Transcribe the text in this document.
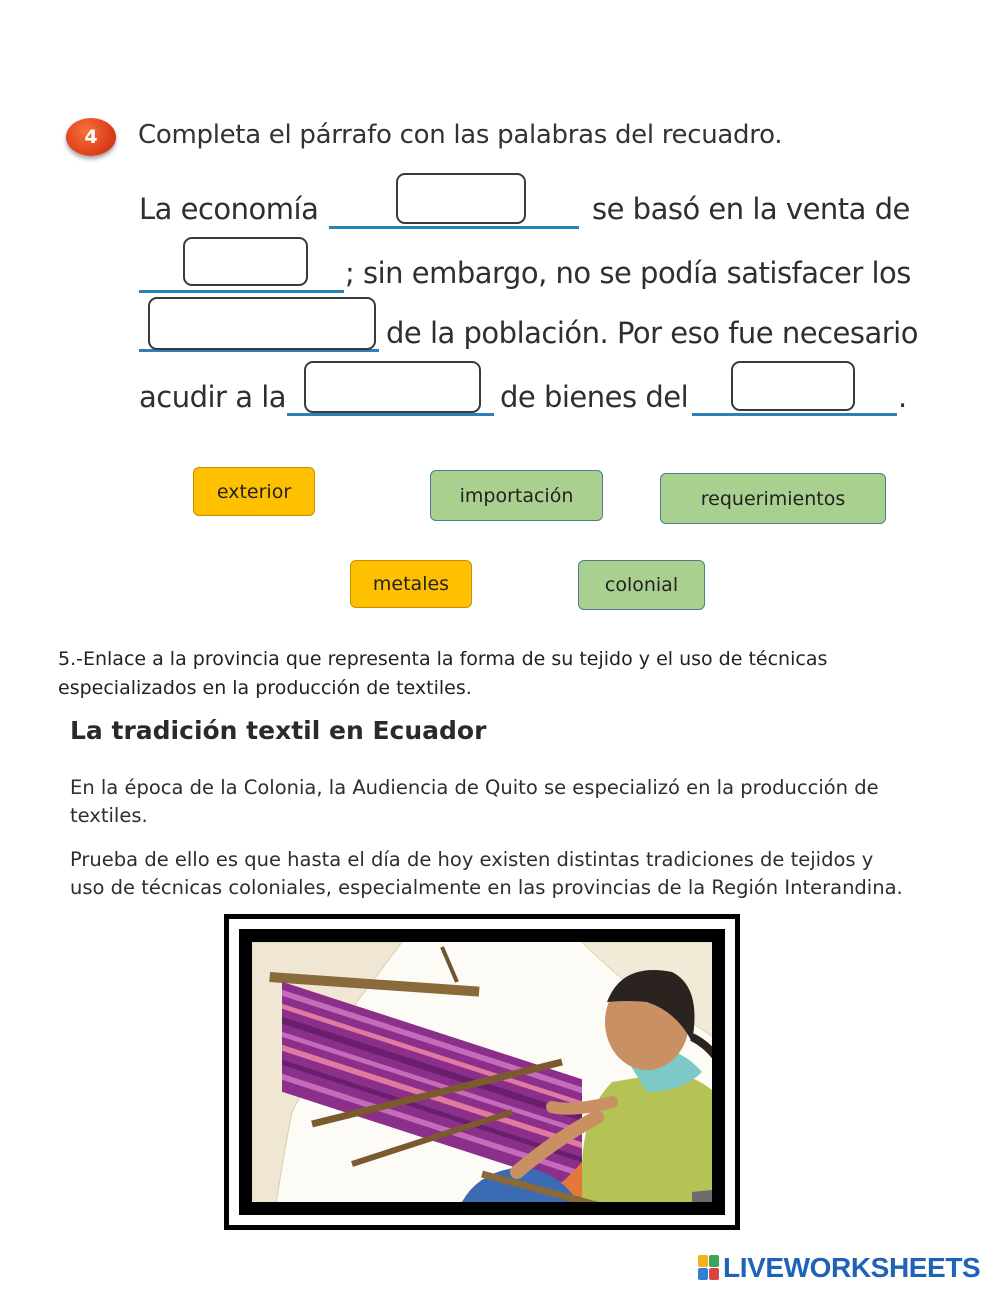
4	Completa el párrafo con las palabras del recuadro.
La economía	se basó en la venta de
; sin embargo, no se podía satisfacer los
de la población. Por eso fue necesario
acudir a la	de bienes del	.
exterior	importación	requerimientos
metales	colonial
5.-Enlace a la provincia que representa la forma de su tejido y el uso de técnicas especializados en la producción de textiles.
La tradición textil en Ecuador
En la época de la Colonia, la Audiencia de Quito se especializó en la producción de textiles.
Prueba de ello es que hasta el día de hoy existen distintas tradiciones de tejidos y uso de técnicas coloniales, especialmente en las provincias de la Región Interandina.
LIVEWORKSHEETS
